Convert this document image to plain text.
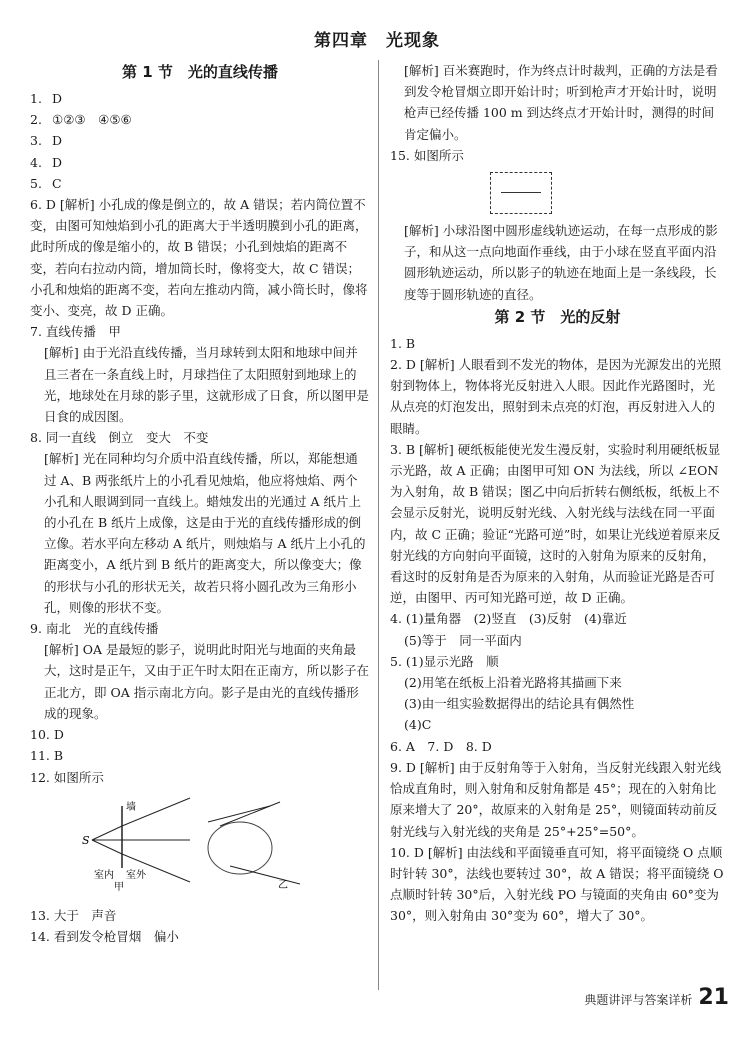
第四章　光现象
第 1 节　光的直线传播
1. D
2. ①②③　④⑤⑥
3. D
4. D
5. C
6. D [解析] 小孔成的像是倒立的，故 A 错误；若内筒位置不变，由图可知烛焰到小孔的距离大于半透明膜到小孔的距离，此时所成的像是缩小的，故 B 错误；小孔到烛焰的距离不变，若向右拉动内筒，增加筒长时，像将变大，故 C 错误；小孔和烛焰的距离不变，若向左推动内筒，减小筒长时，像将变小、变亮，故 D 正确。
7. 直线传播　甲
[解析] 由于光沿直线传播，当月球转到太阳和地球中间并且三者在一条直线上时，月球挡住了太阳照射到地球上的光，地球处在月球的影子里，这就形成了日食，所以图甲是日食的成因图。
8. 同一直线　倒立　变大　不变
[解析] 光在同种均匀介质中沿直线传播，所以，郑能想通过 A、B 两张纸片上的小孔看见烛焰，他应将烛焰、两个小孔和人眼调到同一直线上。蜡烛发出的光通过 A 纸片上的小孔在 B 纸片上成像，这是由于光的直线传播形成的倒立像。若水平向左移动 A 纸片，则烛焰与 A 纸片上小孔的距离变小，A 纸片到 B 纸片的距离变大，所以像变大；像的形状与小孔的形状无关，故若只将小圆孔改为三角形小孔，则像的形状不变。
9. 南北　光的直线传播
[解析] OA 是最短的影子，说明此时阳光与地面的夹角最大，这时是正午，又由于正午时太阳在正南方，所以影子在正北方，即 OA 指示南北方向。影子是由光的直线传播形成的现象。
10. D
11. B
12. 如图所示
墙
S
室内 室外
甲	乙
13. 大于　声音
14. 看到发令枪冒烟　偏小
[解析] 百米赛跑时，作为终点计时裁判，正确的方法是看到发令枪冒烟立即开始计时；听到枪声才开始计时，说明枪声已经传播 100 m 到达终点才开始计时，测得的时间肯定偏小。
15. 如图所示
[解析] 小球沿图中圆形虚线轨迹运动，在每一点形成的影子，和从这一点向地面作垂线，由于小球在竖直平面内沿圆形轨迹运动，所以影子的轨迹在地面上是一条线段，长度等于圆形轨迹的直径。
第 2 节　光的反射
1. B
2. D [解析] 人眼看到不发光的物体，是因为光源发出的光照射到物体上，物体将光反射进入人眼。因此作光路图时，光从点亮的灯泡发出，照射到未点亮的灯泡，再反射进入人的眼睛。
3. B [解析] 硬纸板能使光发生漫反射，实验时利用硬纸板显示光路，故 A 正确；由图甲可知 ON 为法线，所以 ∠EON 为入射角，故 B 错误；图乙中向后折转右侧纸板，纸板上不会显示反射光，说明反射光线、入射光线与法线在同一平面内，故 C 正确；验证“光路可逆”时，如果让光线逆着原来反射光线的方向射向平面镜，这时的入射角为原来的反射角，看这时的反射角是否为原来的入射角，从而验证光路是否可逆，由图甲、丙可知光路可逆，故 D 正确。
4. (1)量角器　(2)竖直　(3)反射　(4)靠近
(5)等于　同一平面内
5. (1)显示光路　顺
(2)用笔在纸板上沿着光路将其描画下来
(3)由一组实验数据得出的结论具有偶然性
(4)C
6. A　7. D　8. D
9. D [解析] 由于反射角等于入射角，当反射光线跟入射光线恰成直角时，则入射角和反射角都是 45°；现在的入射角比原来增大了 20°，故原来的入射角是 25°，则镜面转动前反射光线与入射光线的夹角是 25°+25°=50°。
10. D [解析] 由法线和平面镜垂直可知，将平面镜绕 O 点顺时针转 30°，法线也要转过 30°，故 A 错误；将平面镜绕 O 点顺时针转 30°后，入射光线 PO 与镜面的夹角由 60°变为 30°，则入射角由 30°变为 60°，增大了 30°。
典题讲评与答案详析 21
